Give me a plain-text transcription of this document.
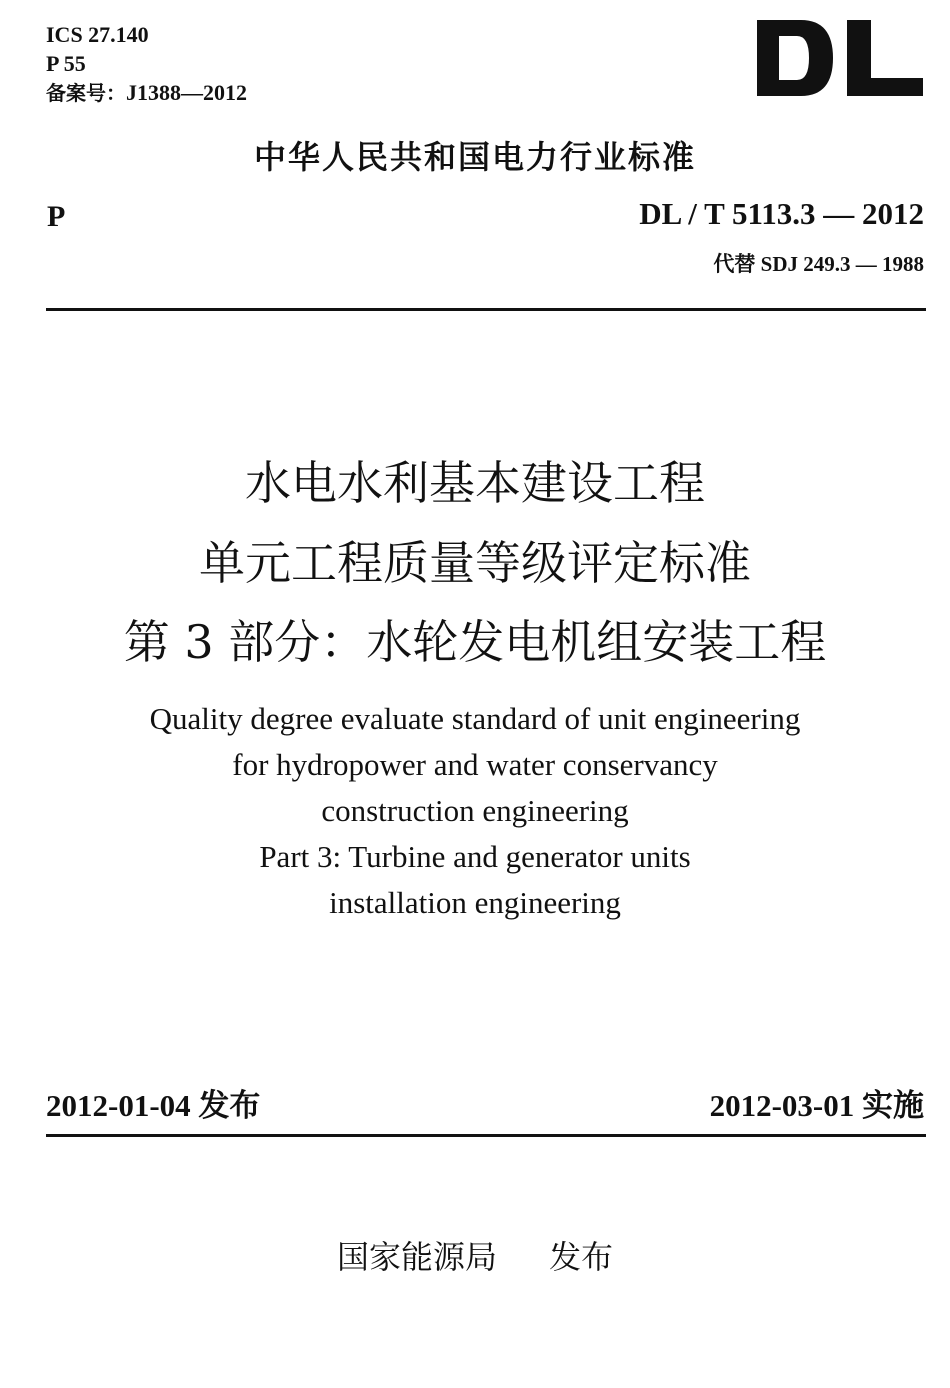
ICS 27.140
P 55
备案号：J1388—2012
中华人民共和国电力行业标准
P	DL / T 5113.3 — 2012
代替 SDJ 249.3 — 1988
水电水利基本建设工程
单元工程质量等级评定标准
第 3 部分：水轮发电机组安装工程
Quality degree evaluate standard of unit engineering
for hydropower and water conservancy
construction engineering
Part 3: Turbine and generator units
installation engineering
2012-01-04 发布	2012-03-01 实施
国家能源局 发布
